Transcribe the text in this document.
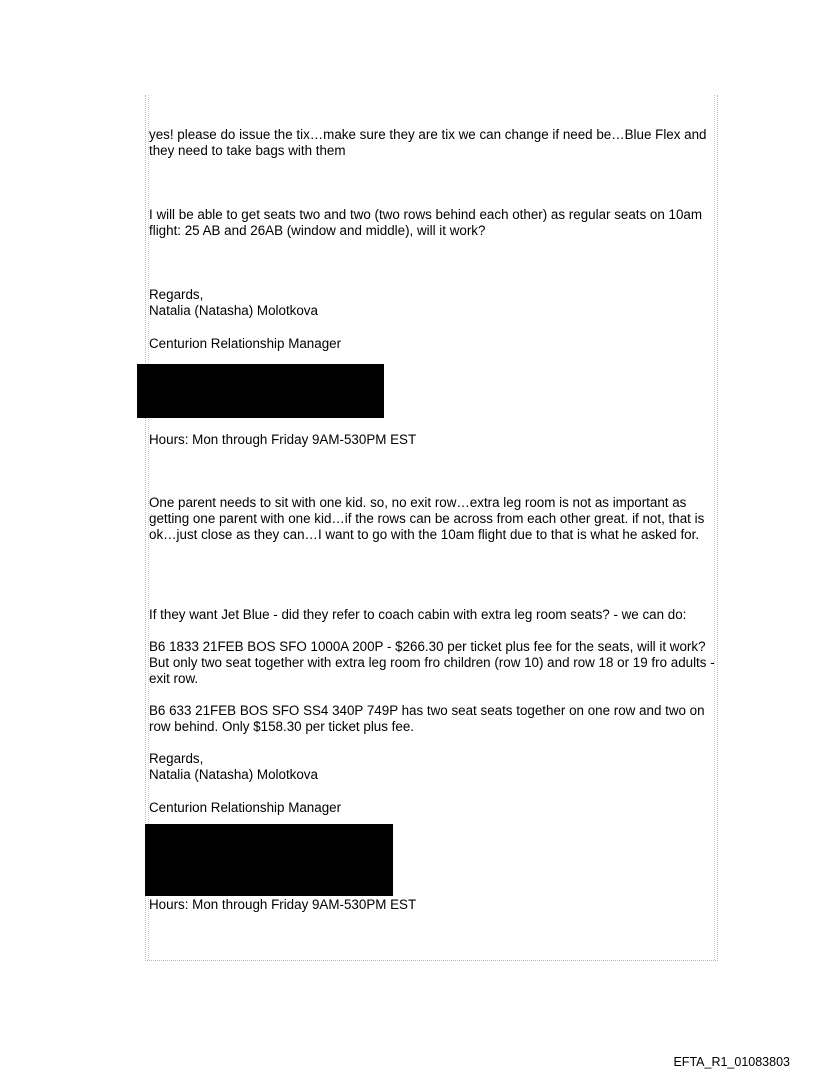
yes! please do issue the tix…make sure they are tix we can change if need be…Blue Flex and they need to take bags with them

I will be able to get seats two and two (two rows behind each other) as regular seats on 10am flight: 25 AB and 26AB (window and middle), will it work?

Regards,

Natalia (Natasha) Molotkova

Centurion Relationship Manager

Hours: Mon through Friday 9AM-530PM EST

One parent needs to sit with one kid. so, no exit row…extra leg room is not as important as getting one parent with one kid…if the rows can be across from each other great. if not, that is ok…just close as they can…I want to go with the 10am flight due to that is what he asked for.

If they want Jet Blue - did they refer to coach cabin with extra leg room seats? - we can do:

B6 1833 21FEB BOS SFO 1000A 200P - $266.30 per ticket plus fee for the seats, will it work? But only two seat together with extra leg room fro children (row 10) and row 18 or 19 fro adults - exit row.

B6 633 21FEB BOS SFO SS4 340P 749P has two seat seats together on one row and two on row behind. Only $158.30 per ticket plus fee.

Regards,

Natalia (Natasha) Molotkova

Centurion Relationship Manager

Hours: Mon through Friday 9AM-530PM EST

EFTA_R1_01083803
